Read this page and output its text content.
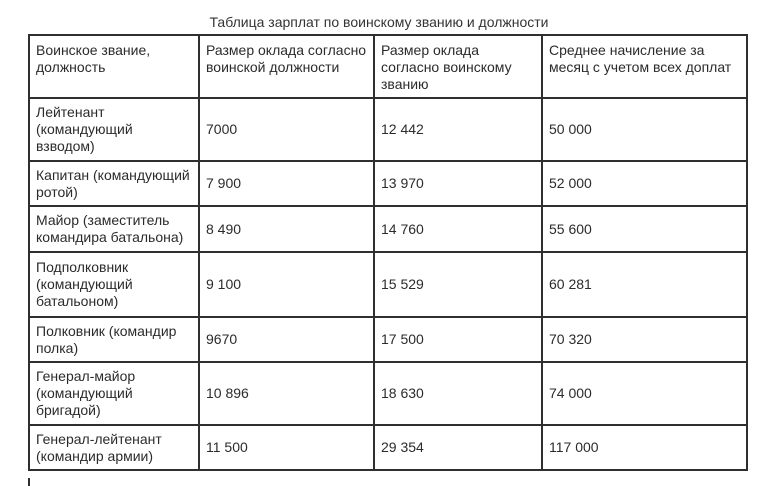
Таблица зарплат по воинскому званию и должности
Воинское звание, должность	Размер оклада согласно воинской должности	Размер оклада согласно воинскому званию	Среднее начисление за месяц с учетом всех доплат
Лейтенант (командующий взводом)	7000	12 442	50 000
Капитан (командующий ротой)	7 900	13 970	52 000
Майор (заместитель командира батальона)	8 490	14 760	55 600
Подполковник (командующий батальоном)	9 100	15 529	60 281
Полковник (командир полка)	9670	17 500	70 320
Генерал-майор (командующий бригадой)	10 896	18 630	74 000
Генерал-лейтенант (командир армии)	11 500	29 354	117 000
